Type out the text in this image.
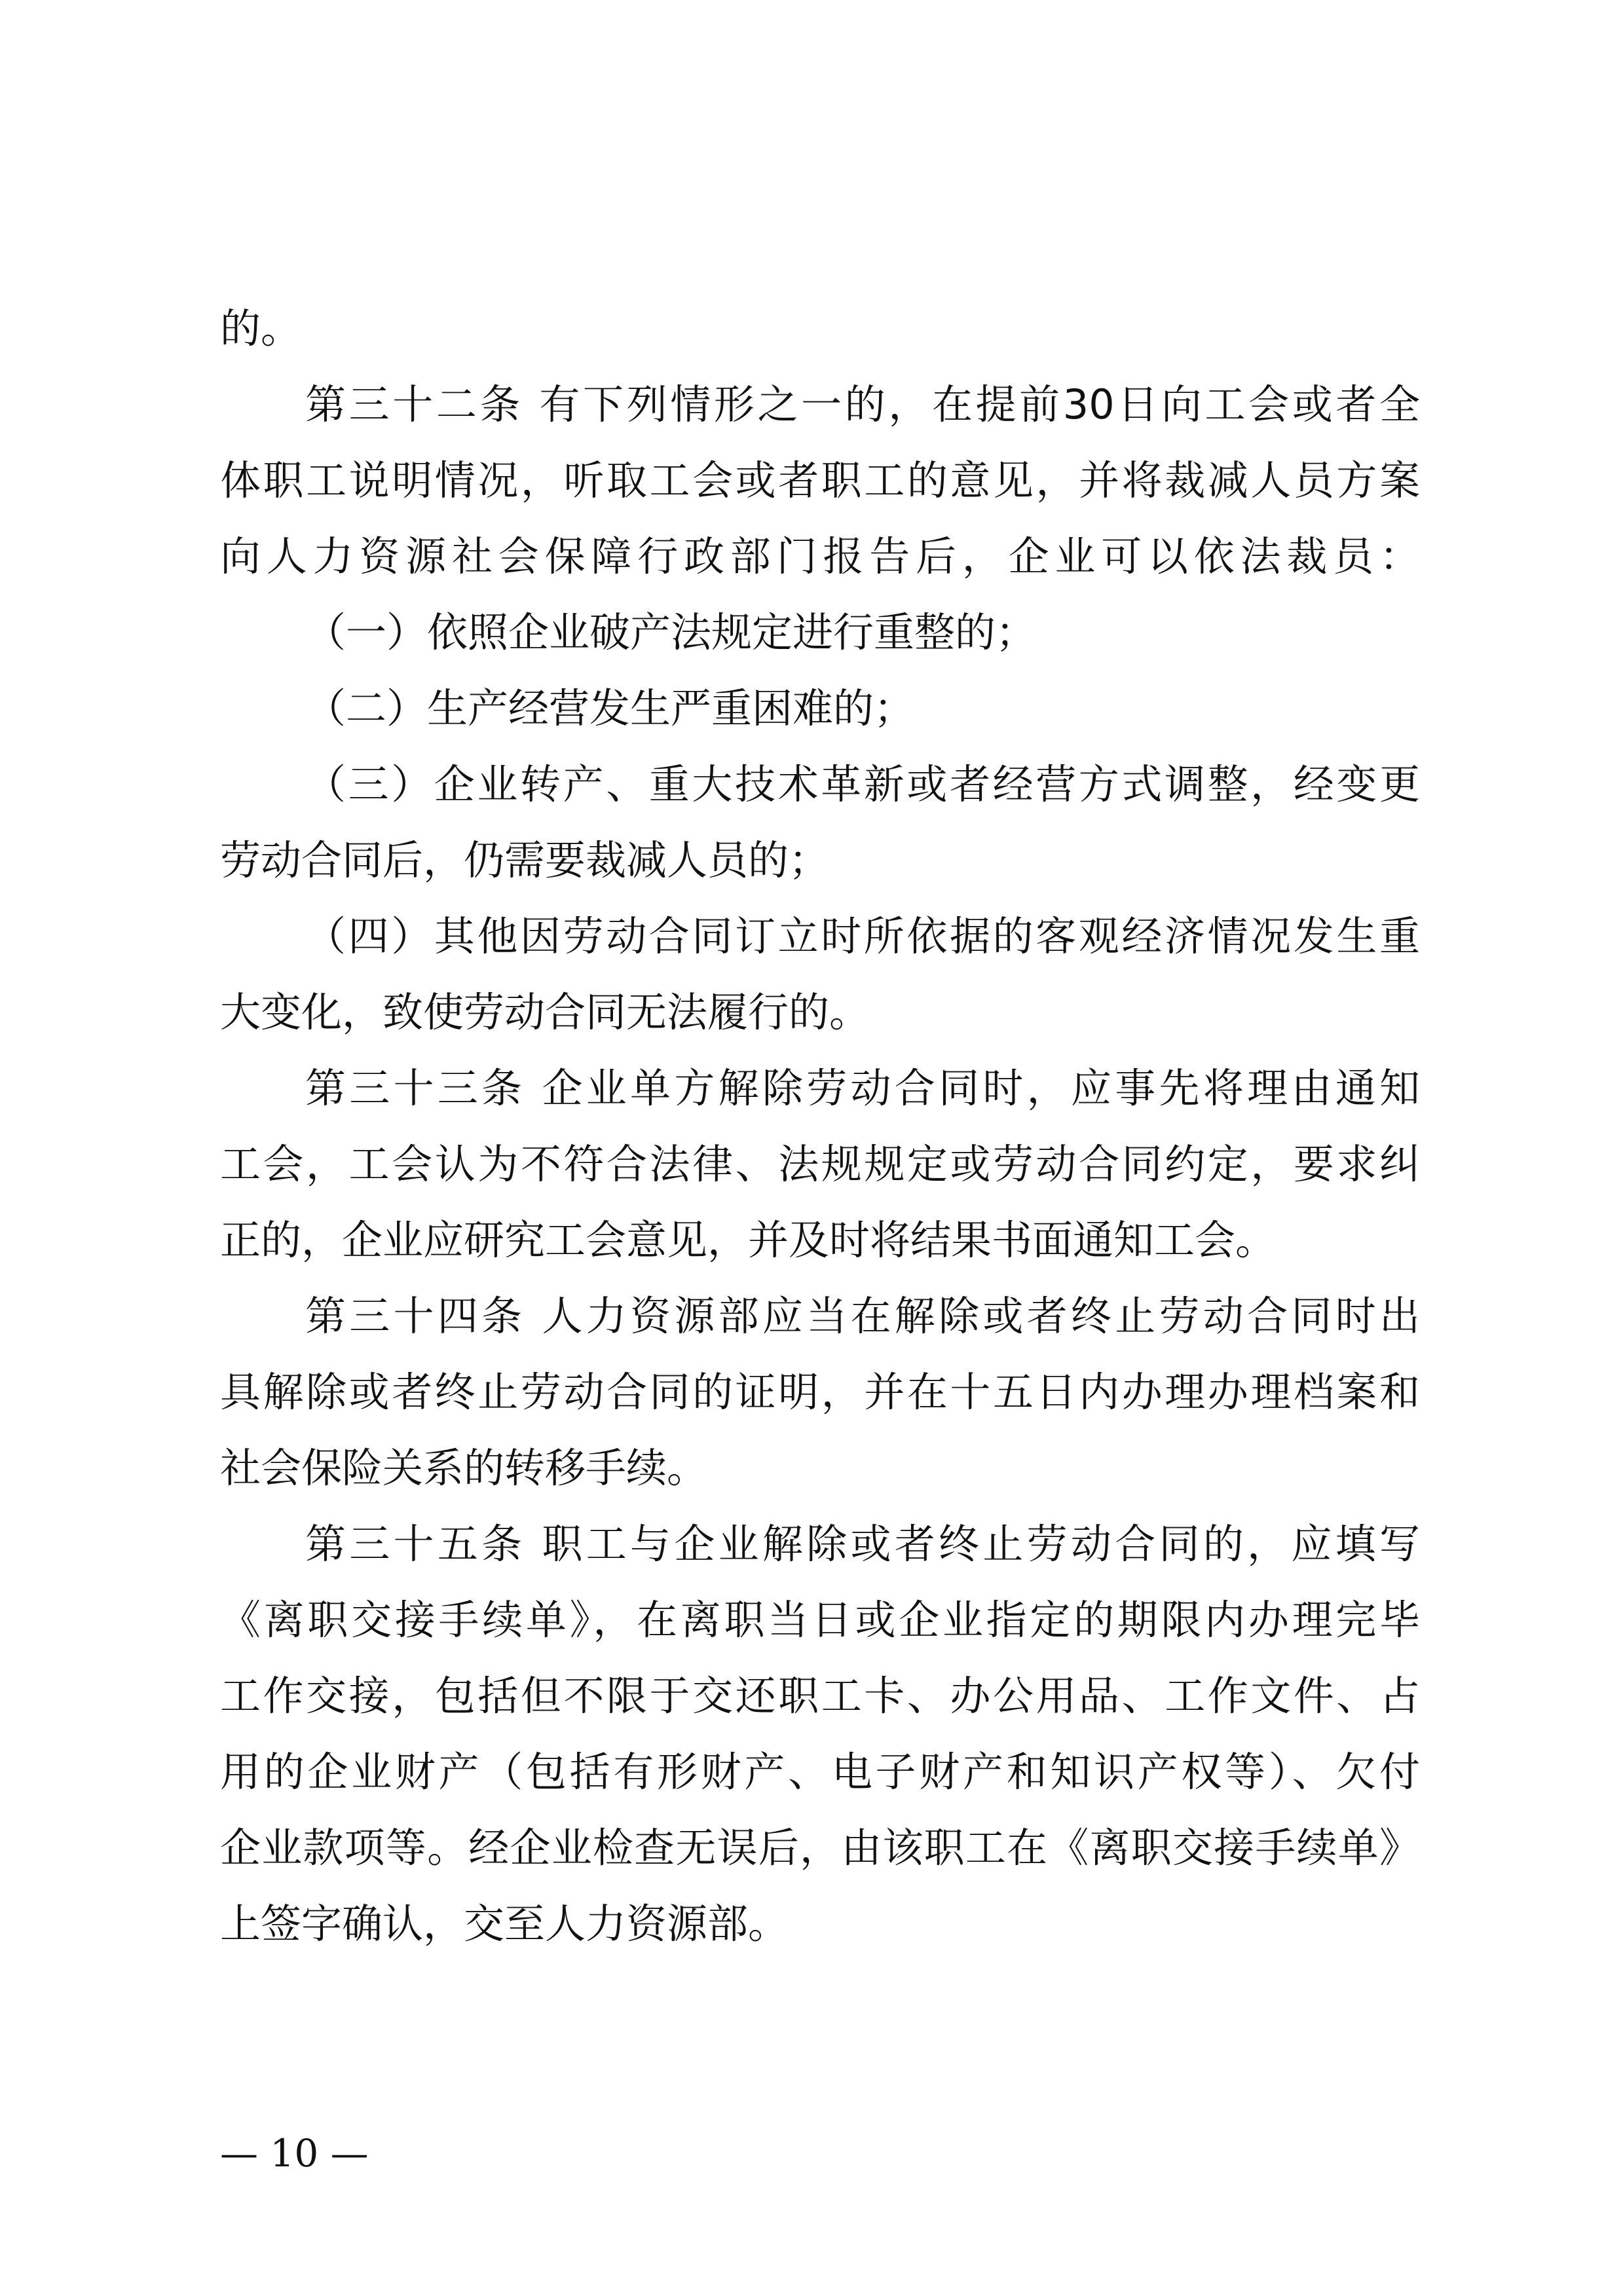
的。
第三十二条 有下列情形之一的，在提前30日向工会或者全
体职工说明情况，听取工会或者职工的意见，并将裁减人员方案
向人力资源社会保障行政部门报告后，企业可以依法裁员：
（一）依照企业破产法规定进行重整的；
（二）生产经营发生严重困难的；
（三）企业转产、重大技术革新或者经营方式调整，经变更
劳动合同后，仍需要裁减人员的；
（四）其他因劳动合同订立时所依据的客观经济情况发生重
大变化，致使劳动合同无法履行的。
第三十三条 企业单方解除劳动合同时，应事先将理由通知
工会，工会认为不符合法律、法规规定或劳动合同约定，要求纠
正的，企业应研究工会意见，并及时将结果书面通知工会。
第三十四条 人力资源部应当在解除或者终止劳动合同时出
具解除或者终止劳动合同的证明，并在十五日内办理办理档案和
社会保险关系的转移手续。
第三十五条 职工与企业解除或者终止劳动合同的，应填写
《离职交接手续单》，在离职当日或企业指定的期限内办理完毕
工作交接，包括但不限于交还职工卡、办公用品、工作文件、占
用的企业财产（包括有形财产、电子财产和知识产权等）、欠付
企业款项等。经企业检查无误后，由该职工在《离职交接手续单》
上签字确认，交至人力资源部。
— 10 —
